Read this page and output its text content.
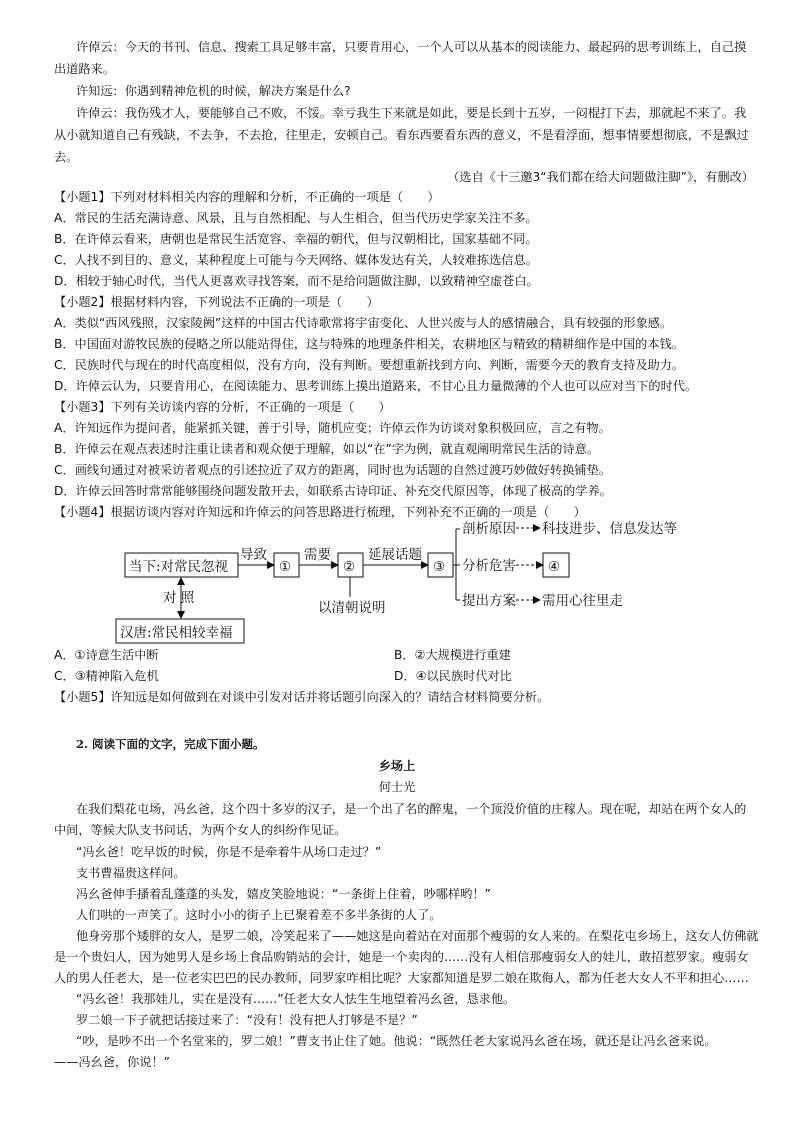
许倬云：今天的书刊、信息、搜索工具足够丰富，只要肯用心，一个人可以从基本的阅读能力、最起码的思考训练上，自己摸
出道路来。
许知远：你遇到精神危机的时候，解决方案是什么?
许倬云：我伤残才人，要能够自己不败，不馁。幸亏我生下来就是如此，要是长到十五岁，一闷棍打下去，那就起不来了。我
从小就知道自己有残缺，不去争，不去抢，往里走，安顿自己。看东西要看东西的意义，不是看浮面，想事情要想彻底，不是飘过
去。
（选自《十三邀3“我们都在给大问题做注脚”》，有删改）
【小题1】下列对材料相关内容的理解和分析，不正确的一项是（　　）
A．常民的生活充满诗意、风景，且与自然相配、与人生相合，但当代历史学家关注不多。
B．在许倬云看来，唐朝也是常民生活宽容、幸福的朝代，但与汉朝相比，国家基础不同。
C．人找不到目的、意义，某种程度上可能与今天网络、媒体发达有关，人较难拣选信息。
D．相较于轴心时代，当代人更喜欢寻找答案，而不是给问题做注脚，以致精神空虚苍白。
【小题2】根据材料内容，下列说法不正确的一项是（　　）
A．类似“西风残照，汉家陵阙”这样的中国古代诗歌常将宇宙变化、人世兴废与人的感情融合，具有较强的形象感。
B．中国面对游牧民族的侵略之所以能站得住，这与特殊的地理条件相关，农耕地区与精致的精耕细作是中国的本钱。
C．民族时代与现在的时代高度相似，没有方向，没有判断。要想重新找到方向、判断，需要今天的教育支持及助力。
D．许倬云认为，只要肯用心，在阅读能力、思考训练上摸出道路来，不甘心且力量微薄的个人也可以应对当下的时代。
【小题3】下列有关访谈内容的分析，不正确的一项是（　　）
A．许知远作为提问者，能紧抓关键，善于引导，随机应变；许倬云作为访谈对象积极回应，言之有物。
B．许倬云在观点表述时注重让读者和观众便于理解，如以“在”字为例，就直观阐明常民生活的诗意。
C．画线句通过对被采访者观点的引述拉近了双方的距离，同时也为话题的自然过渡巧妙做好转换铺垫。
D．许倬云回答时常常能够围绕问题发散开去，如联系古诗印证、补充交代原因等，体现了极高的学养。
【小题4】根据访谈内容对许知远和许倬云的问答思路进行梳理，下列补充不正确的一项是（　　）
当下:对常民忽视
导致
①
需要
②
延展话题
③
以清朝说明
对 照
汉唐:常民相较幸福
剖析原因 科技进步、信息发达等
分析危害 ④
提出方案 需用心往里走
A．①诗意生活中断	B．②大规模进行重建
C．③精神陷入危机	D．④以民族时代对比
【小题5】许知远是如何做到在对谈中引发对话并将话题引向深入的？请结合材料简要分析。
2. 阅读下面的文字，完成下面小题。
乡场上
何士光
在我们梨花屯场，冯幺爸，这个四十多岁的汉子，是一个出了名的醉鬼，一个顶没价值的庄稼人。现在呢，却站在两个女人的
中间，等候大队支书问话，为两个女人的纠纷作见证。
“冯幺爸！吃早饭的时候，你是不是牵着牛从场口走过？”
支书曹福贵这样问。
冯幺爸伸手搔着乱蓬蓬的头发，嬉皮笑脸地说：“一条街上住着，吵哪样哟！”
人们哄的一声笑了。这时小小的街子上已聚着差不多半条街的人了。
他身旁那个矮胖的女人，是罗二娘，冷笑起来了——她这是向着站在对面那个瘦弱的女人来的。在梨花屯乡场上，这女人仿佛就
是一个贵妇人，因为她男人是乡场上食品购销站的会计，她是一个卖肉的……没有人相信那瘦弱女人的娃儿，敢招惹罗家。瘦弱女
人的男人任老大，是一位老实巴巴的民办教师，同罗家咋相比呢？大家都知道是罗二娘在欺侮人，都为任老大女人不平和担心……
“冯幺爸！我那娃儿，实在是没有……”任老大女人怯生生地望着冯幺爸，恳求他。
罗二娘一下子就把话接过来了：“没有！没有把人打够是不是？”
“吵，是吵不出一个名堂来的，罗二娘！”曹支书止住了她。他说：“既然任老大家说冯幺爸在场，就还是让冯幺爸来说。
——冯幺爸，你说！”
